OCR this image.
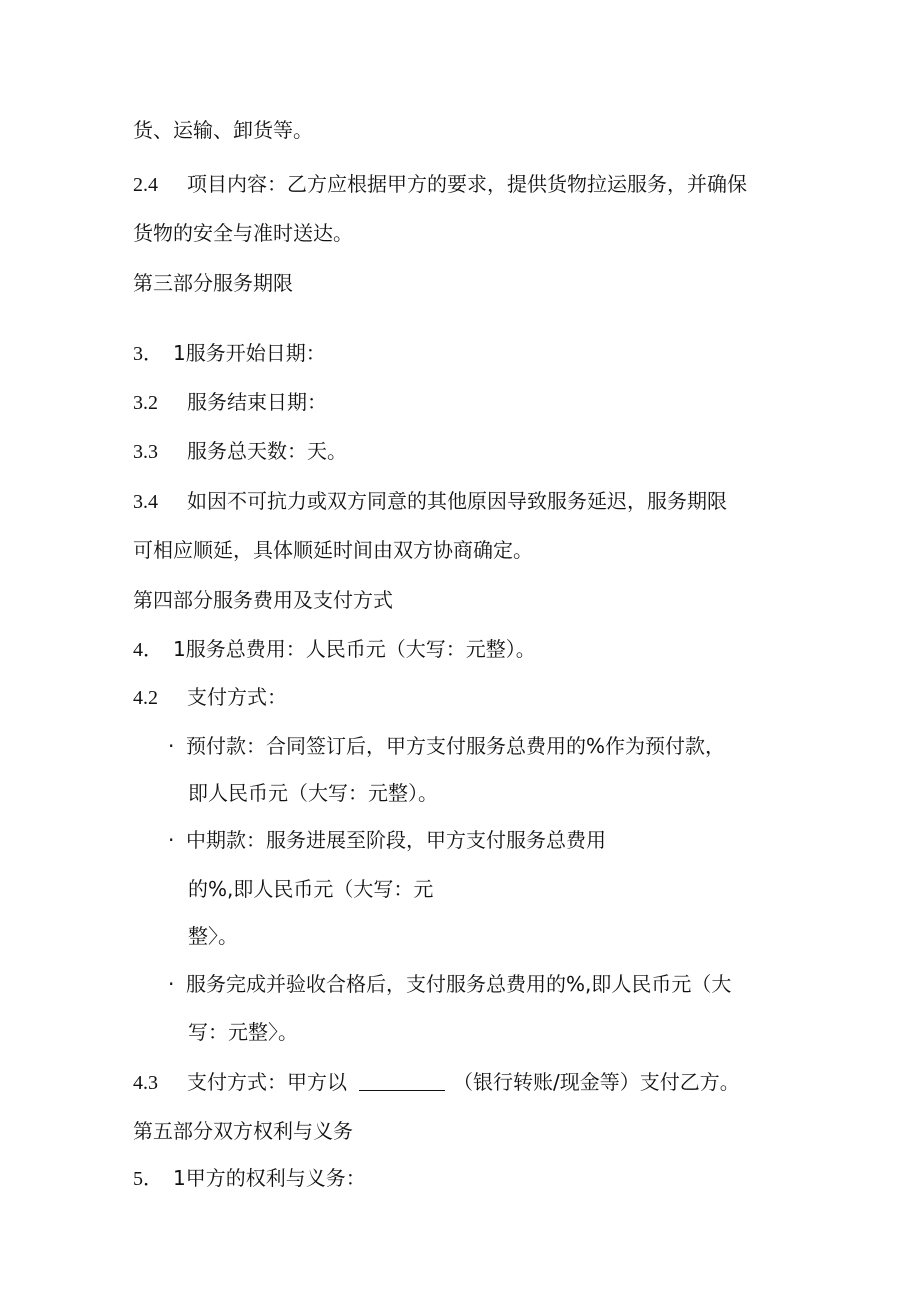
货、运输、卸货等。
2.4 项目内容：乙方应根据甲方的要求，提供货物拉运服务，并确保
货物的安全与准时送达。
第三部分服务期限
3． 1服务开始日期：
3.2 服务结束日期：
3.3 服务总天数：天。
3.4 如因不可抗力或双方同意的其他原因导致服务延迟，服务期限
可相应顺延，具体顺延时间由双方协商确定。
第四部分服务费用及支付方式
4． 1服务总费用：人民币元（大写：元整）。
4.2 支付方式：
· 预付款：合同签订后，甲方支付服务总费用的%作为预付款，
即人民币元（大写：元整）。
· 中期款：服务进展至阶段，甲方支付服务总费用
的%,即人民币元（大写：元
整〉。
· 服务完成并验收合格后，支付服务总费用的%,即人民币元（大
写：元整〉。
4.3 支付方式：甲方以	（银行转账/现金等）支付乙方。
第五部分双方权利与义务
5． 1甲方的权利与义务：
